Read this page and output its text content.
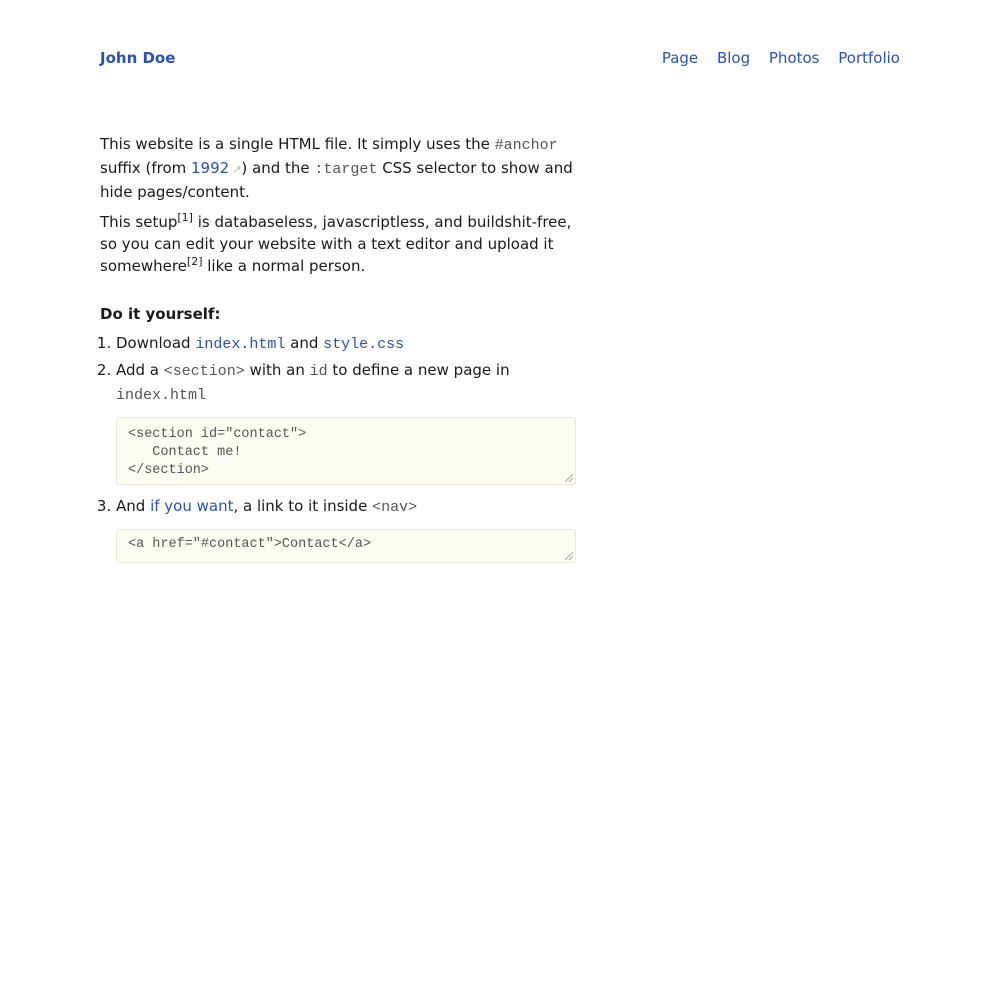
John Doe	Page Blog Photos Portfolio

This website is a single HTML file. It simply uses the #anchor suffix (from 1992 ↗) and the :target CSS selector to show and hide pages/content.

This setup[1] is databaseless, javascriptless, and buildshit-free, so you can edit your website with a text editor and upload it somewhere[2] like a normal person.

Do it yourself:
1. Download index.html and style.css
2. Add a <section> with an id to define a new page in index.html
<section id="contact">
Contact me!
</section>
3. And if you want, a link to it inside <nav>
<a href="#contact">Contact</a>
